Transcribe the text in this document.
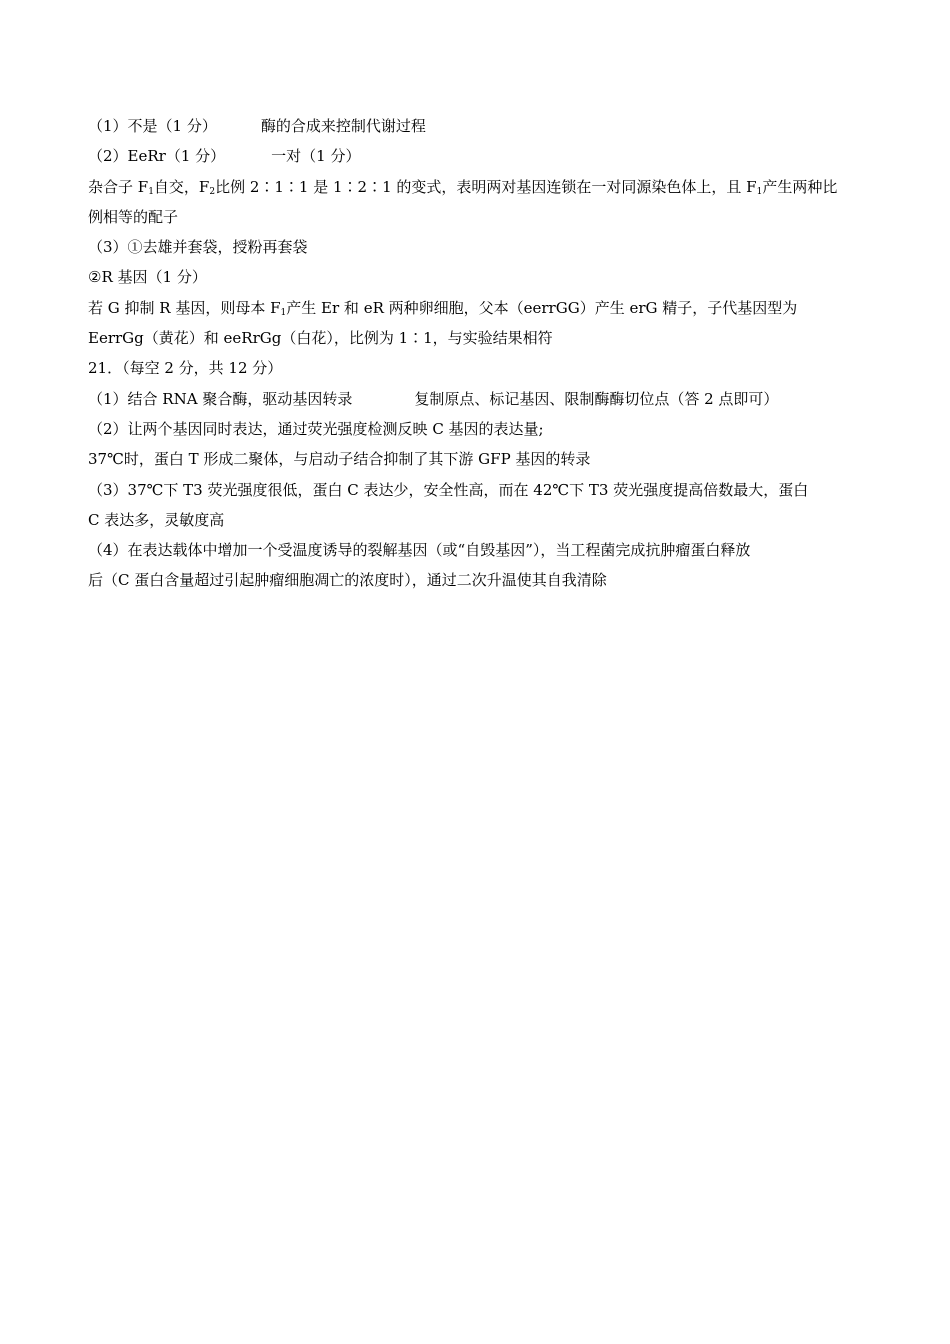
（1）不是（1 分）	酶的合成来控制代谢过程
（2）EeRr（1 分）	一对（1 分）
杂合子 $F_1$自交，$F_2$比例 2∶1∶1 是 1∶2∶1 的变式，表明两对基因连锁在一对同源染色体上，且 $F_1$产生两种比
例相等的配子
（3）①去雄并套袋，授粉再套袋
②R 基因（1 分）
若 G 抑制 R 基因，则母本 $F_1$产生 Er 和 eR 两种卵细胞，父本（eerrGG）产生 erG 精子，子代基因型为
EerrGg（黄花）和 eeRrGg（白花），比例为 1∶1，与实验结果相符
21．（每空 2 分，共 12 分）
（1）结合 RNA 聚合酶，驱动基因转录	复制原点、标记基因、限制酶酶切位点（答 2 点即可）
（2）让两个基因同时表达，通过荧光强度检测反映 C 基因的表达量;
37℃时，蛋白 T 形成二聚体，与启动子结合抑制了其下游 GFP 基因的转录
（3）37℃下 T3 荧光强度很低，蛋白 C 表达少，安全性高，而在 42℃下 T3 荧光强度提高倍数最大，蛋白
C 表达多，灵敏度高
（4）在表达载体中增加一个受温度诱导的裂解基因（或“自毁基因”），当工程菌完成抗肿瘤蛋白释放
后（C 蛋白含量超过引起肿瘤细胞凋亡的浓度时），通过二次升温使其自我清除
